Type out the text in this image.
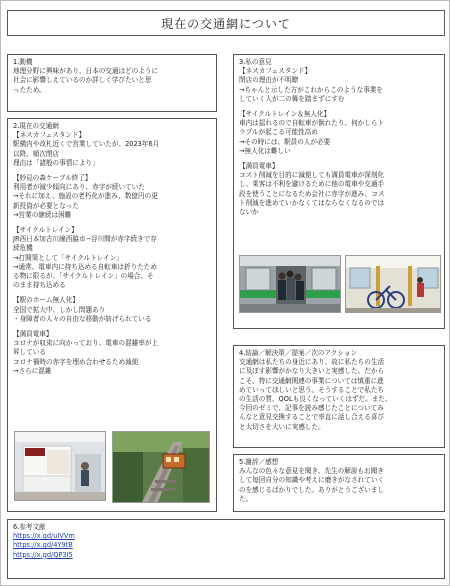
現在の交通網について
1.動機
地理分野に興味があり、日本の交通はどのように
社会に影響しえているのか詳しく学びたいと思
ったため。
2.現在の交通網
【ネスカフェスタンド】
駅構内や改札近くで営業していたが、2023年6月
以降、順次閉店
理由は「諸般の事情により」
【妙見の森ケーブル終了】
利用者が減少傾向にあり、赤字が続いていた
→それに加え、施設の老朽化が進み、数億円の更
新投資が必要となった
→営業の継続は困難
【サイクルトレイン】
JR西日本加古川線西脇市−谷川間が赤字続きで存
続危機
→打開策として「サイクルトレイン」
→通常、電車内に持ち込める自転車は折りたため
る物に限るが、「サイクルトレイン」の場合、そ
のまま持ち込める
【駅のホーム無人化】
全国で拡大中、しかし問題あり
・身障者の人々の自由な移動が妨げられている
【満員電車】
コロナが収束に向かっており、電車の混雑率が上
昇している
コロナ禍時の赤字を埋め合わせるため減便
→さらに混雑
3.私の意見
【ネスカフェスタンド】
閉店の理由が不明瞭
→ちゃんと示した方がこれからこのような事業を
していく人が二の舞を踏まずにすむ
【サイクルトレイン＆無人化】
車内は揺れるので自転車が倒れたり、何かしらト
ラブルが起こる可能性高め
→その時には、駅員の人が必要
→無人化は難しい
【満員電車】
コスト削減を目的に減便しても満員電車が深刻化
し、乗客は不利を避けるために他の電車や交通手
段を使うことになるため会社に赤字が進み、コス
ト削減を進めていかなくてはならなくなるのでは
ないか
4.結論／解決策／提案／次のアクション
交通網は私たちの身近にあり、故に私たちの生活
に及ぼす影響がかなり大きいと実感した。だから
こそ、特に交通網関連の事業については慎重に進
めていってほしいと思う。そうすることで私たち
の生活の質、QOLも良くなっていくはずだ。また、
今回のゼミで、記事を読み感じたことについてみ
んなと意見交換することで率直に話し合える喜び
と大切さを大いに実感した。
5.謝辞／感想
みんなの色々な意見を聞き、先生の解説もお聞き
して毎回自分の知識や考えに磨きがなされていく
のを感じるばかりでした。ありがとうございまし
た。
6.参考文献
https://x.gd/uIVVm
https://x.gd/4Y9tB
https://x.gd/QP3I5
